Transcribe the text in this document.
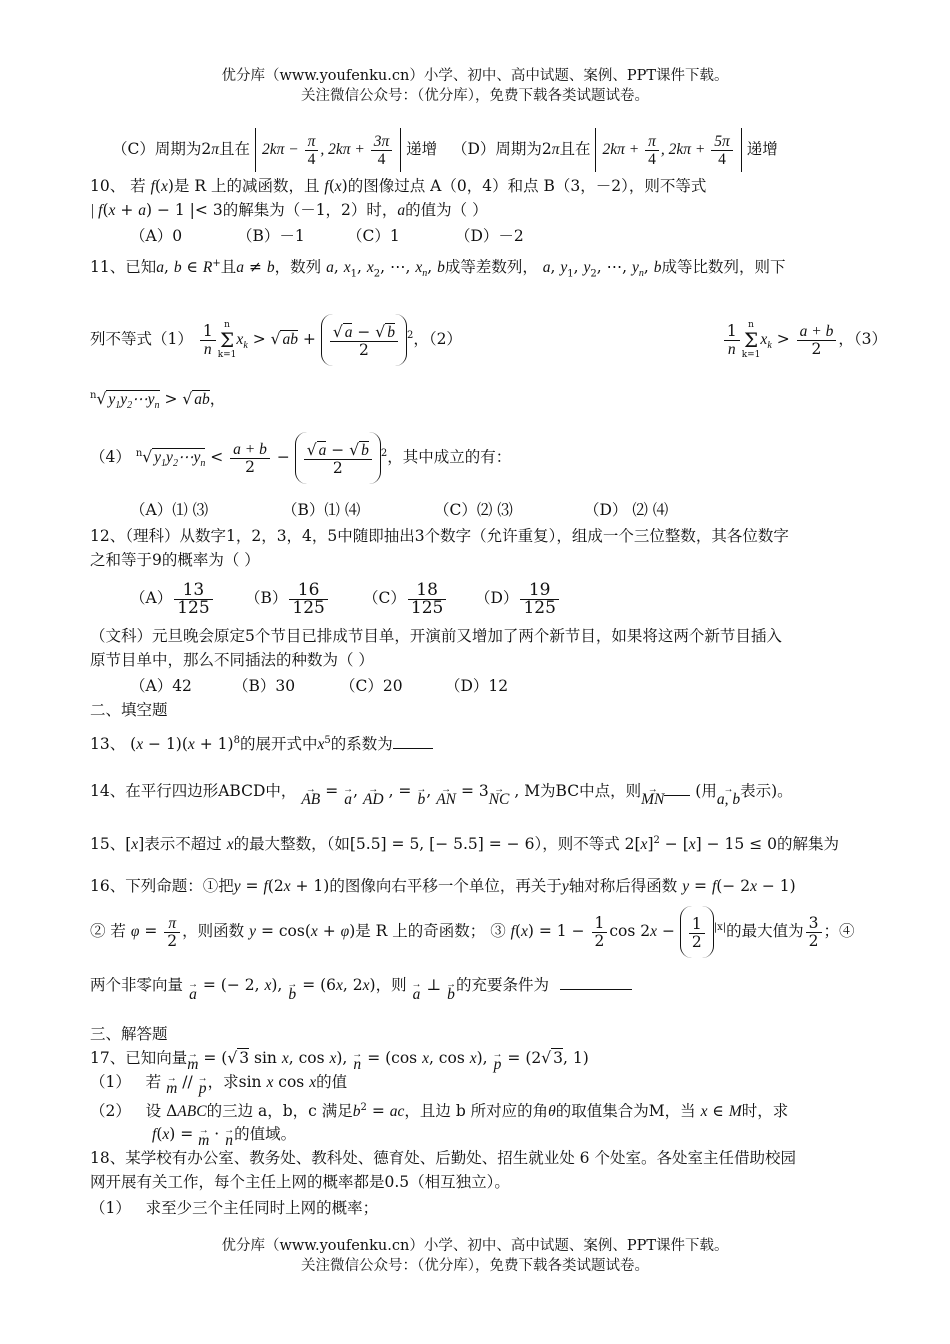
优分库（www.youfenku.cn）小学、初中、高中试题、案例、PPT课件下载。
关注微信公众号：（优分库），免费下载各类试题试卷。
（C）周期为2π且在 $2k\pi - \frac{\pi}{4}$ , $2k\pi + \frac{3\pi}{4}$ 递增 （D）周期为2π且在 $2k\pi + \frac{\pi}{4}$ , $2k\pi + \frac{5\pi}{4}$ 递增
10、 若 f(x)是 R 上的减函数，且 f(x)的图像过点 A（0，4）和点 B（3，－2），则不等式
| f(x + a) − 1 |< 3的解集为（－1，2）时，a的值为（ ）
（A）0	（B）－1	（C）1	（D）－2
11、已知a, b ∈ R+且a ≠ b，数列 a, $x_1$, $x_2$, ⋯, $x_n$, b成等差数列， a, $y_1$, $y_2$, ⋯, $y_n$, b成等比数列，则下
列不等式$(1) \frac{1}{n}$ n
Σ
$k=1x_k$ > √ ab + $\frac{√ a - √ b}{2} ^2$，（2）	$\frac{1}{n}$ n
Σ
$k=1x_k > \frac{a + b}{2}$ ，（3）
$^n$√ $y_1y_2\cdots y_n$ > √ ab，
（4） $^n$√ $y_1y_2\cdots y_n < \frac{a + b}{2} - \frac{√ a - √ b}{2} ^2$，其中成立的有：
（A）⑴ ⑶	（B）⑴ ⑷	（C）⑵ ⑶	（D） ⑵ ⑷
12、（理科）从数字1，2，3，4，5中随即抽出3个数字（允许重复），组成一个三位整数，其各位数字
之和等于9的概率为（ ）
$(A) \frac{13}{125} (B) \frac{16}{125} (C) \frac{18}{125} (D) \frac{19}{125}$
（文科）元旦晚会原定5个节目已排成节目单，开演前又增加了两个新节目，如果将这两个新节目插入
原节目单中，那么不同插法的种数为（ ）
（A）42	（B）30	（C）20	（D）12
二、填空题
13、 $(x - 1)(x + 1)^8$的展开式中$x^5$的系数为
14、在平行四边形ABCD中， → AB = → a, → AD , = → b, → AN = 3→ NC , M为BC中点，则→ MN (用→ a, b表示)。
15、[x]表示不超过 x的最大整数，（如[5.5] = 5, [− 5.5] = − 6），则不等式 $2[x]^2 - [x] - 15 \le 0$的解集为
16、下列命题：①把y = f(2x + 1)的图像向右平移一个单位，再关于y轴对称后得函数 y = f(− 2x − 1)
② 若 $\varphi = \frac{\pi}{2}$ ，则函数 y = cos(x + φ)是 R 上的奇函数； ③ $f(x) = 1 - \frac{1}{2}$ $\cos 2x - \frac{1}{2} ^{|x|}$的最大值为 $\frac{3}{2}$ ；④
两个非零向量 → a = (− 2, x), → b = (6x, 2x)，则 → a ⊥ → b的充要条件为
三、解答题
17、已知向量→ m = (√ 3 sin x, cos x), → n = (cos x, cos x), → p = (2√ 3, 1)
（1） 若 → m // → p，求sin x cos x的值
（2） 设 ΔABC的三边 a，b，c 满足$b^2$ = ac，且边 b 所对应的角θ的取值集合为M，当 x ∈ M时，求
f(x) = → m · → n的值域。
18、某学校有办公室、教务处、教科处、德育处、后勤处、招生就业处 6 个处室。各处室主任借助校园
网开展有关工作，每个主任上网的概率都是0.5（相互独立）。
（1） 求至少三个主任同时上网的概率；
优分库（www.youfenku.cn）小学、初中、高中试题、案例、PPT课件下载。
关注微信公众号：（优分库），免费下载各类试题试卷。
